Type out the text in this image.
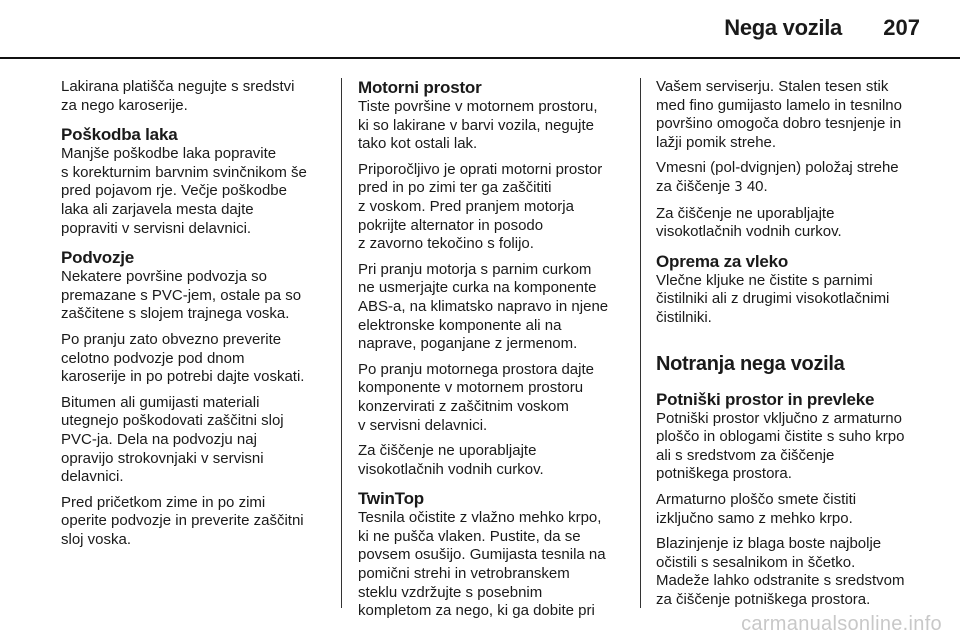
Nega vozila 207

Lakirana platišča negujte s sredstvi
za nego karoserije.

Poškodba laka

Manjše poškodbe laka popravite
s korekturnim barvnim svinčnikom še
pred pojavom rje. Večje poškodbe
laka ali zarjavela mesta dajte
popraviti v servisni delavnici.

Podvozje

Nekatere površine podvozja so
premazane s PVC-jem, ostale pa so
zaščitene s slojem trajnega voska.

Po pranju zato obvezno preverite
celotno podvozje pod dnom
karoserije in po potrebi dajte voskati.

Bitumen ali gumijasti materiali
utegnejo poškodovati zaščitni sloj
PVC-ja. Dela na podvozju naj
opravijo strokovnjaki v servisni
delavnici.

Pred pričetkom zime in po zimi
operite podvozje in preverite zaščitni
sloj voska.

Motorni prostor

Tiste površine v motornem prostoru,
ki so lakirane v barvi vozila, negujte
tako kot ostali lak.

Priporočljivo je oprati motorni prostor
pred in po zimi ter ga zaščititi
z voskom. Pred pranjem motorja
pokrijte alternator in posodo
z zavorno tekočino s folijo.

Pri pranju motorja s parnim curkom
ne usmerjajte curka na komponente
ABS-a, na klimatsko napravo in njene
elektronske komponente ali na
naprave, poganjane z jermenom.

Po pranju motornega prostora dajte
komponente v motornem prostoru
konzervirati z zaščitnim voskom
v servisni delavnici.

Za čiščenje ne uporabljajte
visokotlačnih vodnih curkov.

TwinTop

Tesnila očistite z vlažno mehko krpo,
ki ne pušča vlaken. Pustite, da se
povsem osušijo. Gumijasta tesnila na
pomični strehi in vetrobranskem
steklu vzdržujte s posebnim
kompletom za nego, ki ga dobite pri

Vašem serviserju. Stalen tesen stik
med fino gumijasto lamelo in tesnilno
površino omogoča dobro tesnjenje in
lažji pomik strehe.

Vmesni (pol-dvignjen) položaj strehe
za čiščenje 3 40.

Za čiščenje ne uporabljajte
visokotlačnih vodnih curkov.

Oprema za vleko

Vlečne kljuke ne čistite s parnimi
čistilniki ali z drugimi visokotlačnimi
čistilniki.

Notranja nega vozila
Potniški prostor in prevleke

Potniški prostor vključno z armaturno
ploščo in oblogami čistite s suho krpo
ali s sredstvom za čiščenje
potniškega prostora.

Armaturno ploščo smete čistiti
izključno samo z mehko krpo.

Blazinjenje iz blaga boste najbolje
očistili s sesalnikom in ščetko.
Madeže lahko odstranite s sredstvom
za čiščenje potniškega prostora.

carmanualsonline.info
